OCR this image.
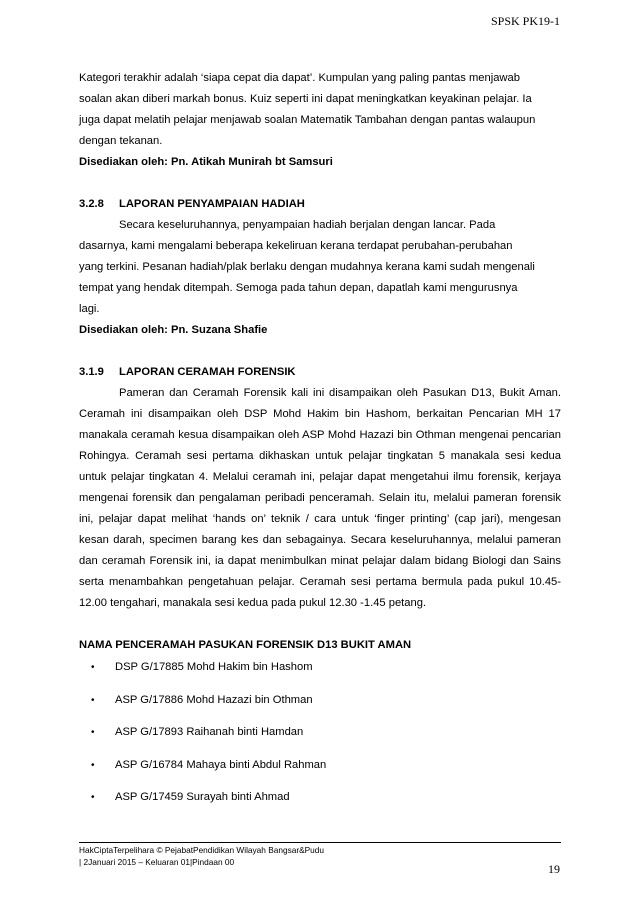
SPSK PK19-1

Kategori terakhir adalah ‘siapa cepat dia dapat’. Kumpulan yang paling pantas menjawab

soalan akan diberi markah bonus. Kuiz seperti ini dapat meningkatkan keyakinan pelajar. Ia

juga dapat melatih pelajar menjawab soalan Matematik Tambahan dengan pantas walaupun

dengan tekanan.

Disediakan oleh: Pn. Atikah Munirah bt Samsuri

3.2.8 LAPORAN PENYAMPAIAN HADIAH

Secara keseluruhannya, penyampaian hadiah berjalan dengan lancar. Pada

dasarnya, kami mengalami beberapa kekeliruan kerana terdapat perubahan-perubahan

yang terkini. Pesanan hadiah/plak berlaku dengan mudahnya kerana kami sudah mengenali

tempat yang hendak ditempah. Semoga pada tahun depan, dapatlah kami mengurusnya

lagi.

Disediakan oleh: Pn. Suzana Shafie

3.1.9 LAPORAN CERAMAH FORENSIK

Pameran dan Ceramah Forensik kali ini disampaikan oleh Pasukan D13, Bukit Aman. Ceramah ini disampaikan oleh DSP Mohd Hakim bin Hashom, berkaitan Pencarian MH 17 manakala ceramah kesua disampaikan oleh ASP Mohd Hazazi bin Othman mengenai pencarian Rohingya. Ceramah sesi pertama dikhaskan untuk pelajar tingkatan 5 manakala sesi kedua untuk pelajar tingkatan 4. Melalui ceramah ini, pelajar dapat mengetahui ilmu forensik, kerjaya mengenai forensik dan pengalaman peribadi penceramah. Selain itu, melalui pameran forensik ini, pelajar dapat melihat ‘hands on’ teknik / cara untuk ‘finger printing’ (cap jari), mengesan kesan darah, specimen barang kes dan sebagainya. Secara keseluruhannya, melalui pameran dan ceramah Forensik ini, ia dapat menimbulkan minat pelajar dalam bidang Biologi dan Sains serta menambahkan pengetahuan pelajar. Ceramah sesi pertama bermula pada pukul 10.45-12.00 tengahari, manakala sesi kedua pada pukul 12.30 -1.45 petang.

NAMA PENCERAMAH PASUKAN FORENSIK D13 BUKIT AMAN

• DSP G/17885 Mohd Hakim bin Hashom
• ASP G/17886 Mohd Hazazi bin Othman
• ASP G/17893 Raihanah binti Hamdan
• ASP G/16784 Mahaya binti Abdul Rahman
• ASP G/17459 Surayah binti Ahmad
HakCiptaTerpelihara © PejabatPendidikan Wilayah Bangsar&Pudu
| 2Januari 2015 – Keluaran 01|Pindaan 00	19
